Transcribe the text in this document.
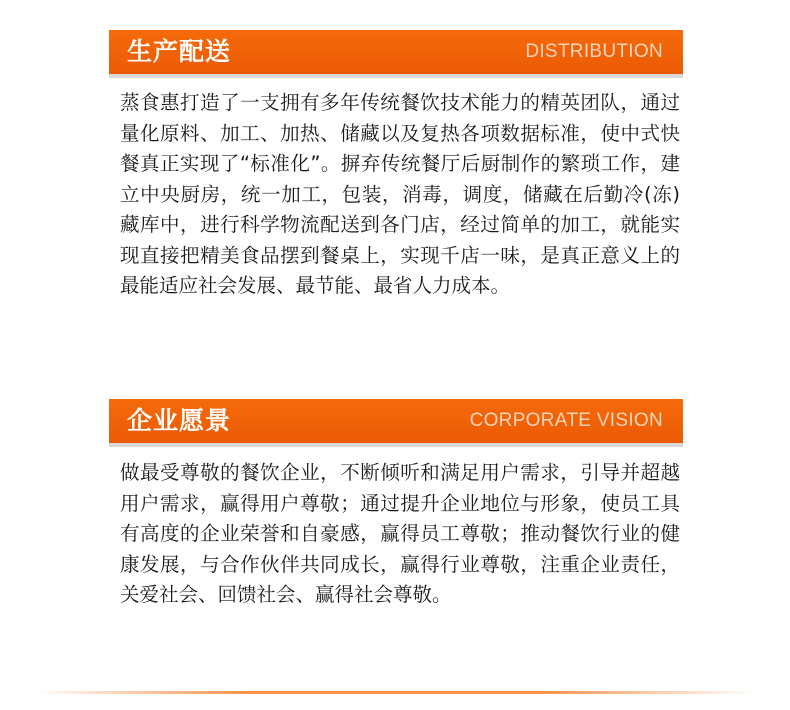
生产配送	DISTRIBUTION

蒸食惠打造了一支拥有多年传统餐饮技术能力的精英团队，通过量化原料、加工、加热、储藏以及复热各项数据标准，使中式快餐真正实现了“标准化”。摒弃传统餐厅后厨制作的繁琐工作，建立中央厨房，统一加工，包装，消毒，调度，储藏在后勤冷(冻)藏库中，进行科学物流配送到各门店，经过简单的加工，就能实现直接把精美食品摆到餐桌上，实现千店一味，是真正意义上的最能适应社会发展、最节能、最省人力成本。

企业愿景	CORPORATE VISION

做最受尊敬的餐饮企业，不断倾听和满足用户需求，引导并超越用户需求，赢得用户尊敬；通过提升企业地位与形象，使员工具有高度的企业荣誉和自豪感，赢得员工尊敬；推动餐饮行业的健康发展，与合作伙伴共同成长，赢得行业尊敬，注重企业责任，关爱社会、回馈社会、赢得社会尊敬。
